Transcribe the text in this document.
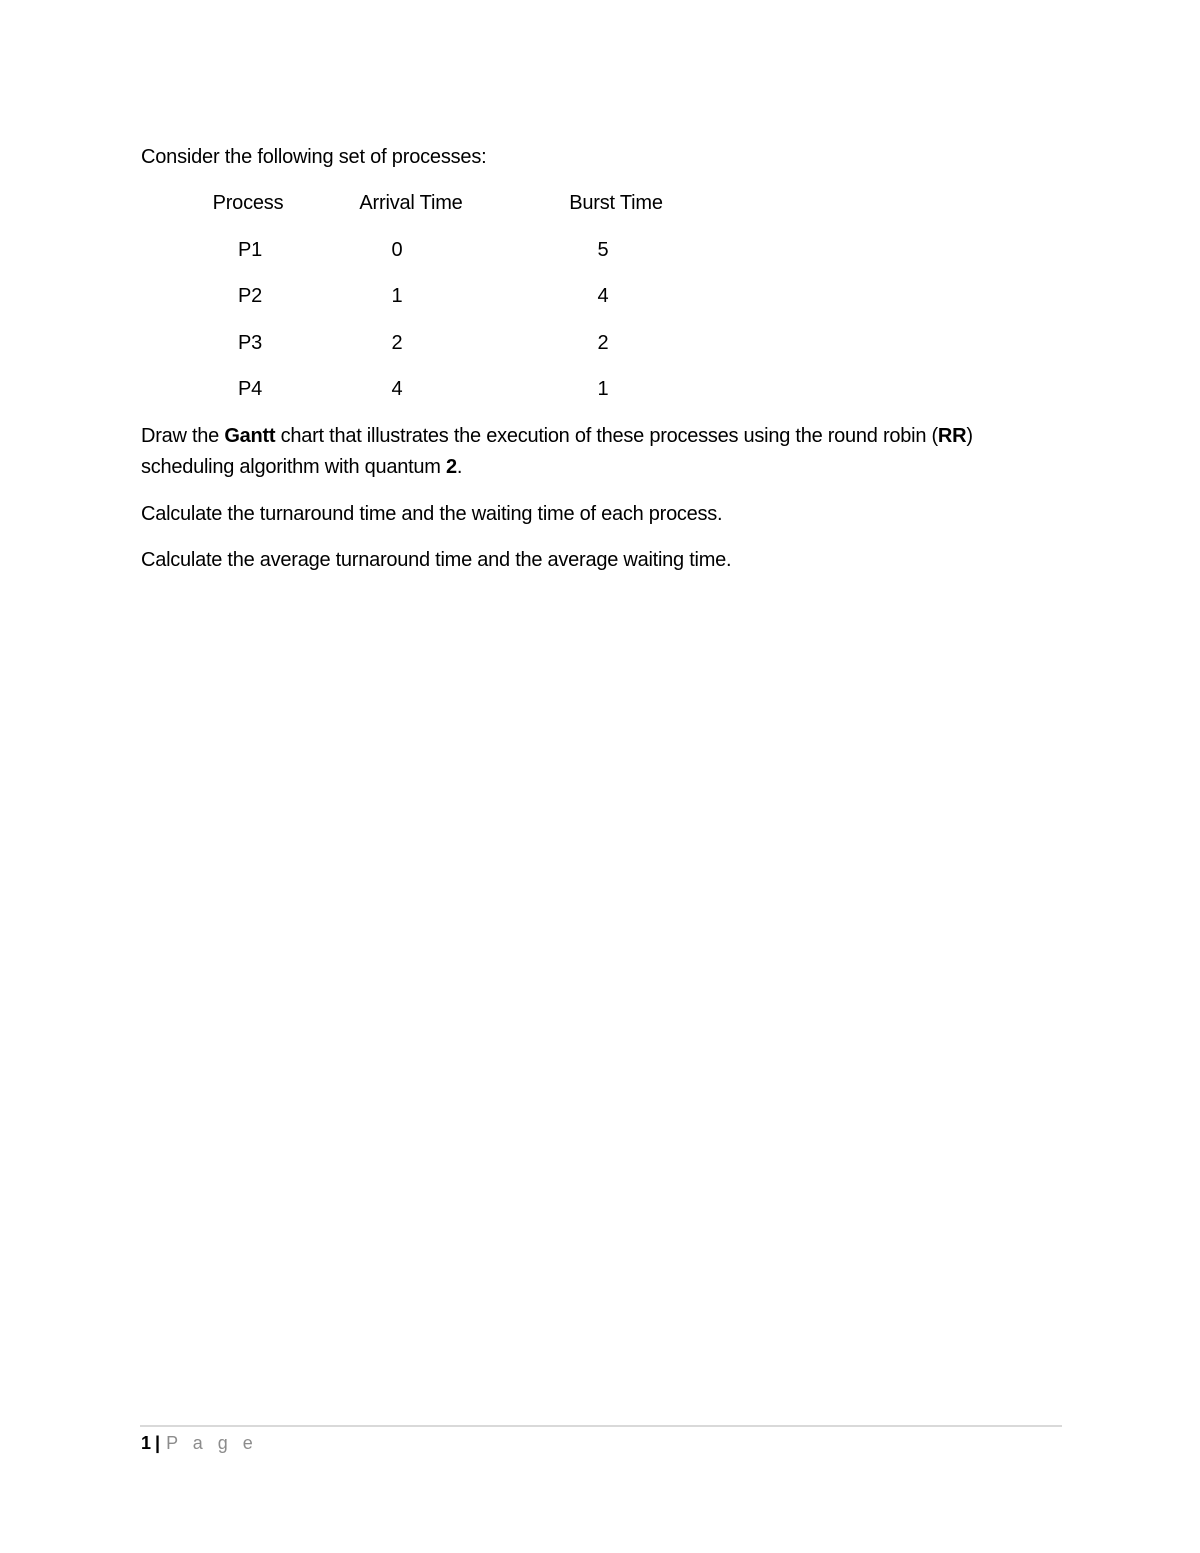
Consider the following set of processes:
Process	Arrival Time	Burst Time
P1	0	5
P2	1	4
P3	2	2
P4	4	1
Draw the Gantt chart that illustrates the execution of these processes using the round robin (RR)
scheduling algorithm with quantum 2.
Calculate the turnaround time and the waiting time of each process.
Calculate the average turnaround time and the average waiting time.
1 | P a g e
